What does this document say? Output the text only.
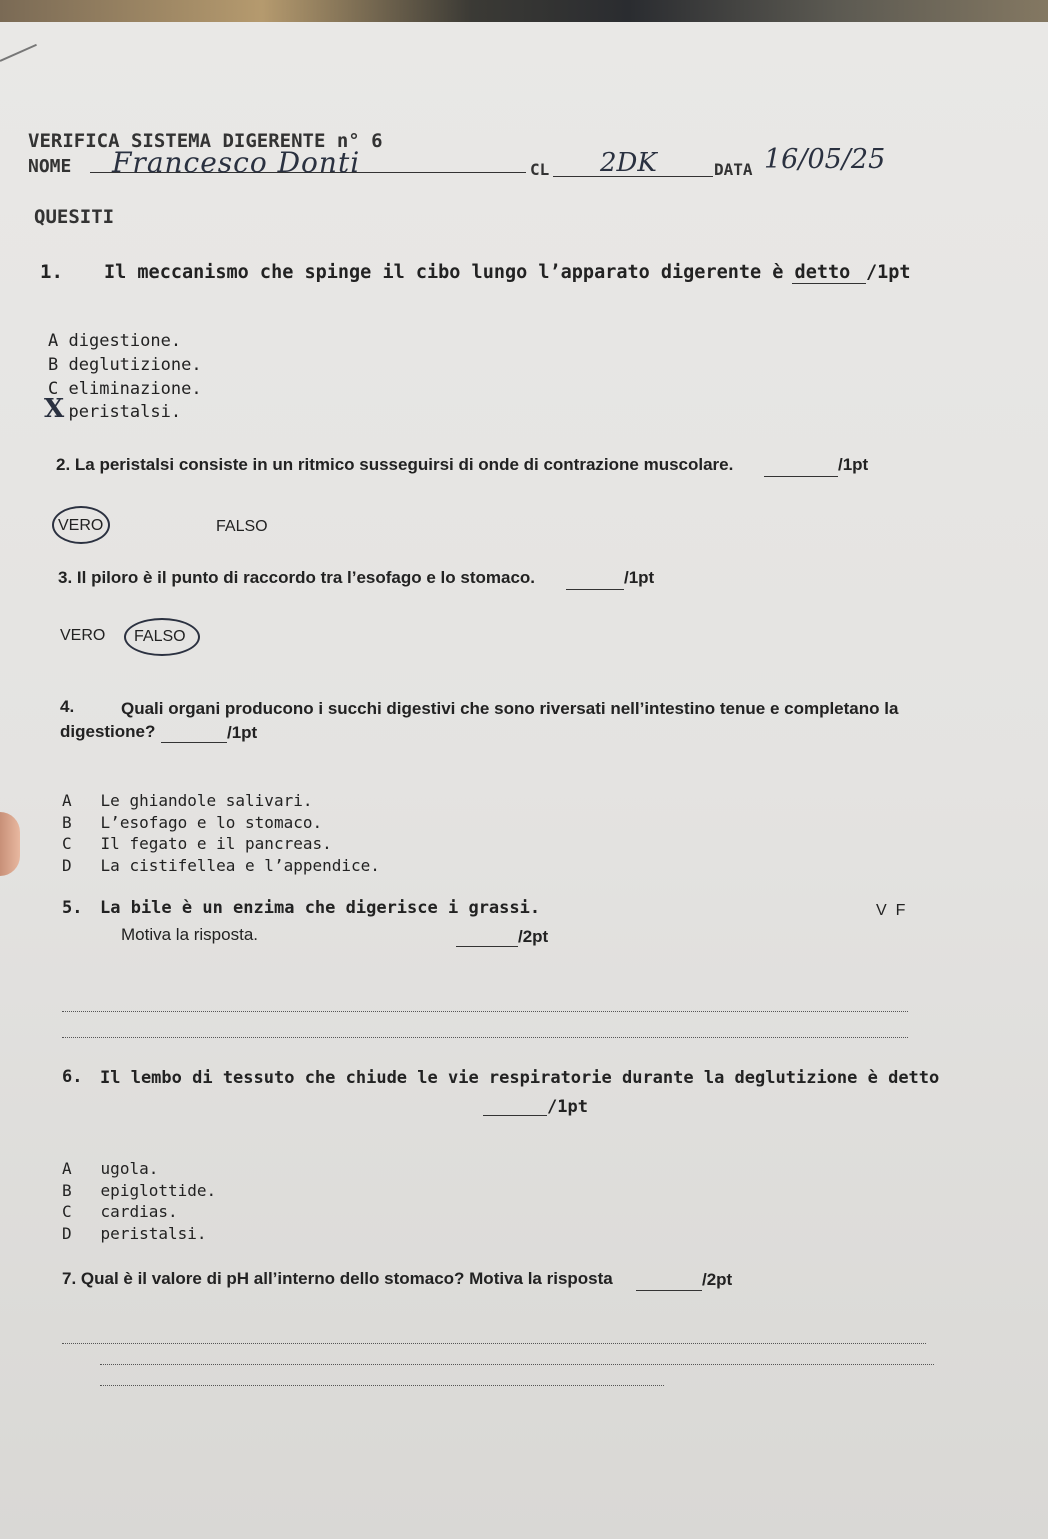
VERIFICA SISTEMA DIGERENTE n° 6
NOME Francesco Donti	CL 2DK	DATA 16/05/25
QUESITI
1. Il meccanismo che spinge il cibo lungo l’apparato digerente è detto /1pt
A digestione.
B deglutizione.
C eliminazione.
peristalsi.
X
2. La peristalsi consiste in un ritmico susseguirsi di onde di contrazione muscolare.	/1pt
VERO	FALSO
3. Il piloro è il punto di raccordo tra l’esofago e lo stomaco.	/1pt
VERO FALSO
4.	Quali organi producono i succhi digestivi che sono riversati nell’intestino tenue e completano la
digestione?	/1pt
A Le ghiandole salivari.
B L’esofago e lo stomaco.
C Il fegato e il pancreas.
D La cistifellea e l’appendice.
5. La bile è un enzima che digerisce i grassi.	V  F
Motiva la risposta.	/2pt
6. Il lembo di tessuto che chiude le vie respiratorie durante la deglutizione è detto
/1pt
A ugola.
B epiglottide.
C cardias.
D peristalsi.
7. Qual è il valore di pH all’interno dello stomaco? Motiva la risposta	/2pt
